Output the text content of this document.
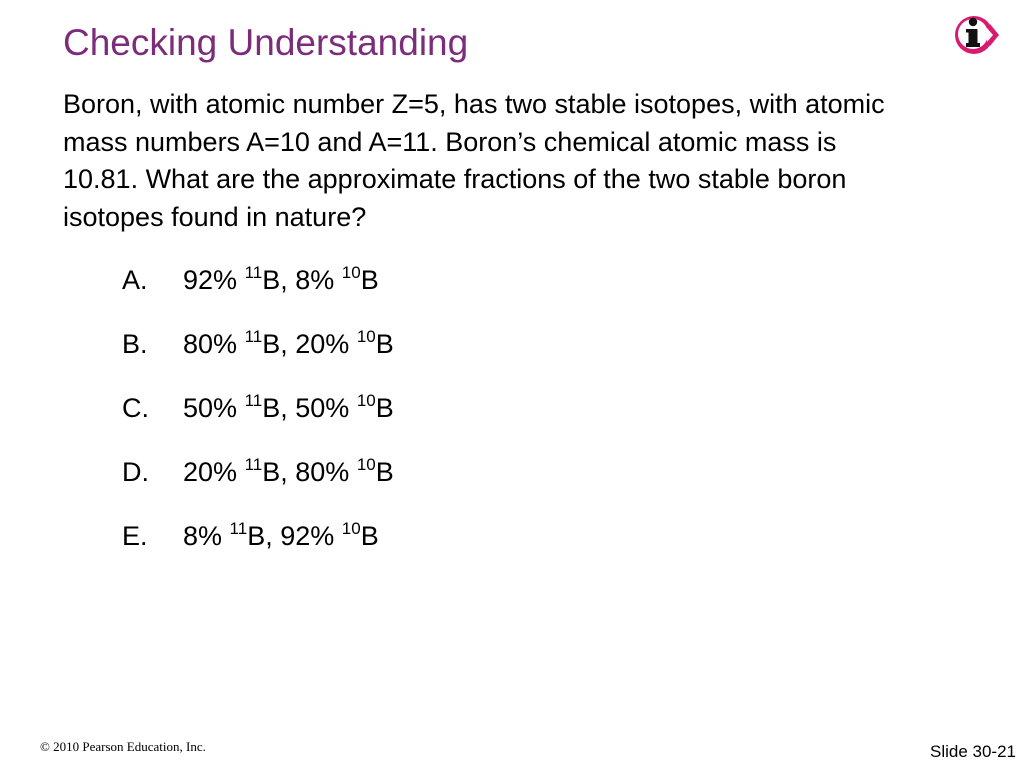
Checking Understanding
Boron, with atomic number Z=5, has two stable isotopes, with atomic mass numbers A=10 and A=11. Boron’s chemical atomic mass is 10.81. What are the approximate fractions of the two stable boron isotopes found in nature?
A. 92% $^{11}$B, 8% $^{10}$B
B. 80% $^{11}$B, 20% $^{10}$B
C. 50% $^{11}$B, 50% $^{10}$B
D. 20% $^{11}$B, 80% $^{10}$B
E. 8% $^{11}$B, 92% $^{10}$B
© 2010 Pearson Education, Inc.	Slide 30-21
